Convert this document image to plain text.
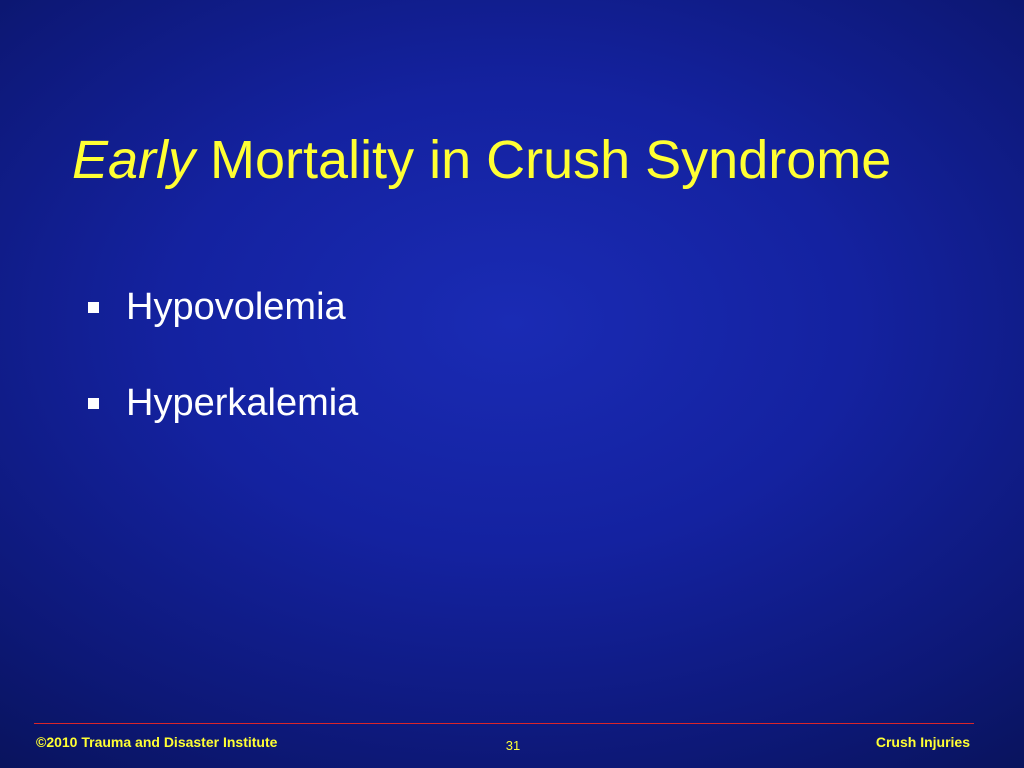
Early Mortality in Crush Syndrome
Hypovolemia
Hyperkalemia
©2010 Trauma and Disaster Institute	31	Crush Injuries
